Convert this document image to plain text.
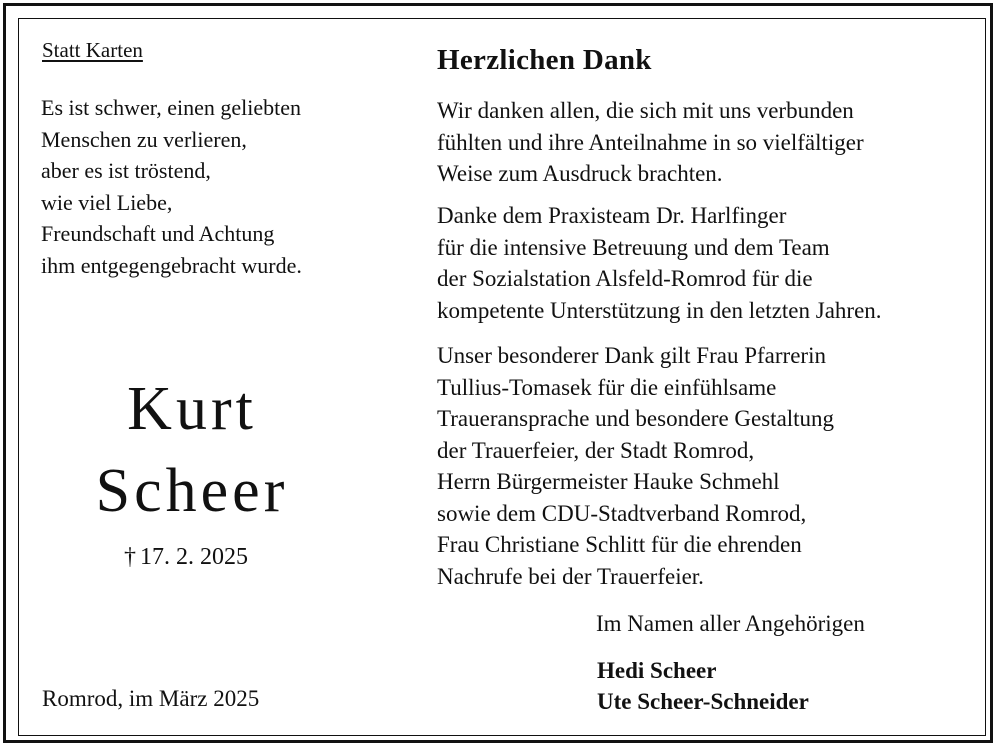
Statt Karten

Es ist schwer, einen geliebten
Menschen zu verlieren,
aber es ist tröstend,
wie viel Liebe,
Freundschaft und Achtung
ihm entgegengebracht wurde.

Kurt

Scheer

† 17. 2. 2025

Romrod, im März 2025

Herzlichen Dank

Wir danken allen, die sich mit uns verbunden
fühlten und ihre Anteilnahme in so vielfältiger
Weise zum Ausdruck brachten.
Danke dem Praxisteam Dr. Harlfinger
für die intensive Betreuung und dem Team
der Sozialstation Alsfeld-Romrod für die
kompetente Unterstützung in den letzten Jahren.
Unser besonderer Dank gilt Frau Pfarrerin
Tullius-Tomasek für die einfühlsame
Traueransprache und besondere Gestaltung
der Trauerfeier, der Stadt Romrod,
Herrn Bürgermeister Hauke Schmehl
sowie dem CDU-Stadtverband Romrod,
Frau Christiane Schlitt für die ehrenden
Nachrufe bei der Trauerfeier.

Im Namen aller Angehörigen

Hedi Scheer
Ute Scheer-Schneider
